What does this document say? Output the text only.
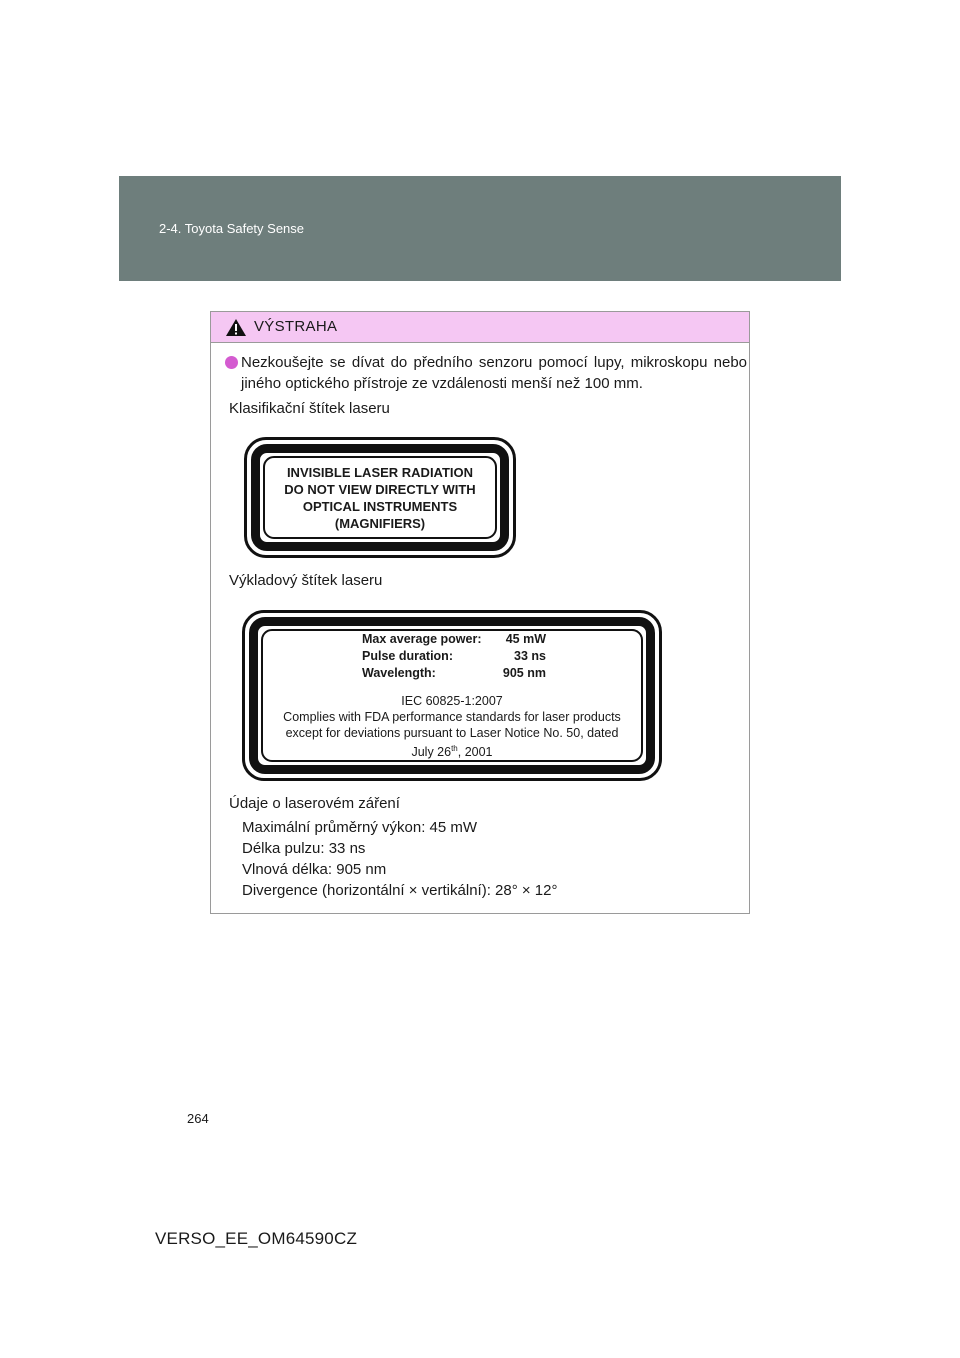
2-4. Toyota Safety Sense
VÝSTRAHA
Nezkoušejte se dívat do předního senzoru pomocí lupy, mikroskopu nebo jiného optického přístroje ze vzdálenosti menší než 100 mm.
Klasifikační štítek laseru
INVISIBLE LASER RADIATION
DO NOT VIEW DIRECTLY WITH
OPTICAL INSTRUMENTS
(MAGNIFIERS)
Výkladový štítek laseru
Max average power:	45 mW
Pulse duration:	33 ns
Wavelength:	905 nm
IEC 60825-1:2007
Complies with FDA performance standards for laser products
except for deviations pursuant to Laser Notice No. 50, dated
July 26th, 2001
Údaje o laserovém záření
Maximální průměrný výkon: 45 mW
Délka pulzu: 33 ns
Vlnová délka: 905 nm
Divergence (horizontální × vertikální): 28° × 12°
264
VERSO_EE_OM64590CZ
